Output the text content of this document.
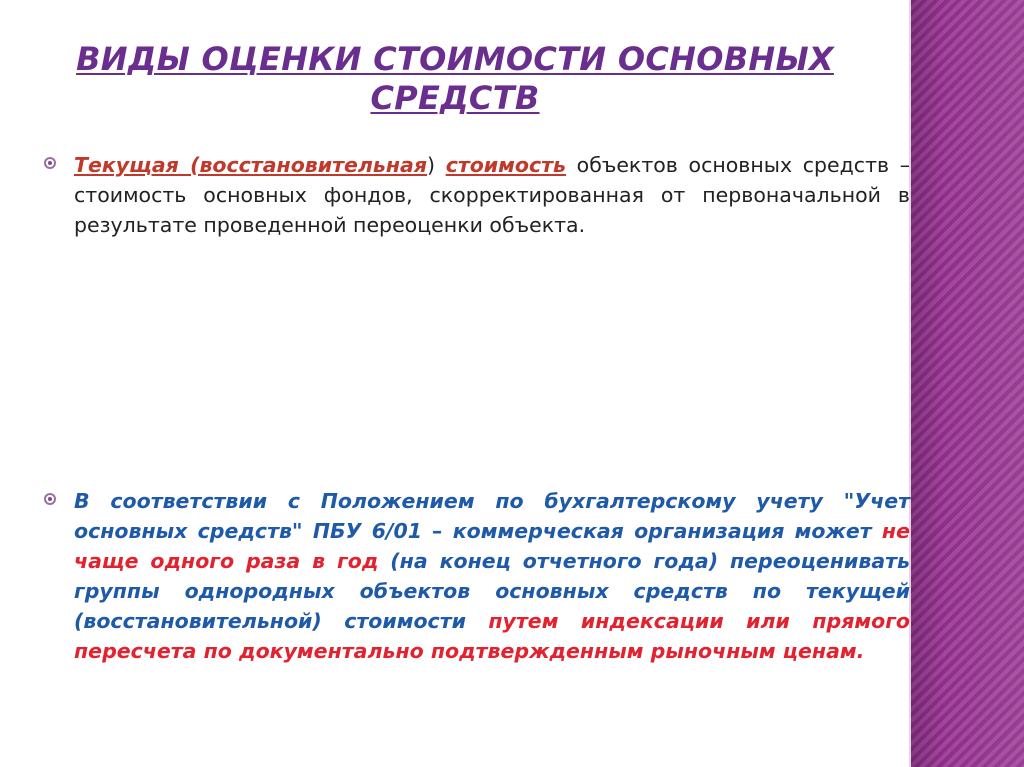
ВИДЫ ОЦЕНКИ СТОИМОСТИ ОСНОВНЫХ
СРЕДСТВ
Текущая (восстановительная) стоимость объектов основных средств –стоимость основных фондов, скорректированная от первоначальной в результате проведенной переоценки объекта.
В соответствии с Положением по бухгалтерскому учету "Учет основных средств" ПБУ 6/01 – коммерческая организация может не чаще одного раза в год (на конец отчетного года) переоценивать группы однородных объектов основных средств по текущей (восстановительной) стоимости путем индексации или прямого пересчета по документально подтвержденным рыночным ценам.
